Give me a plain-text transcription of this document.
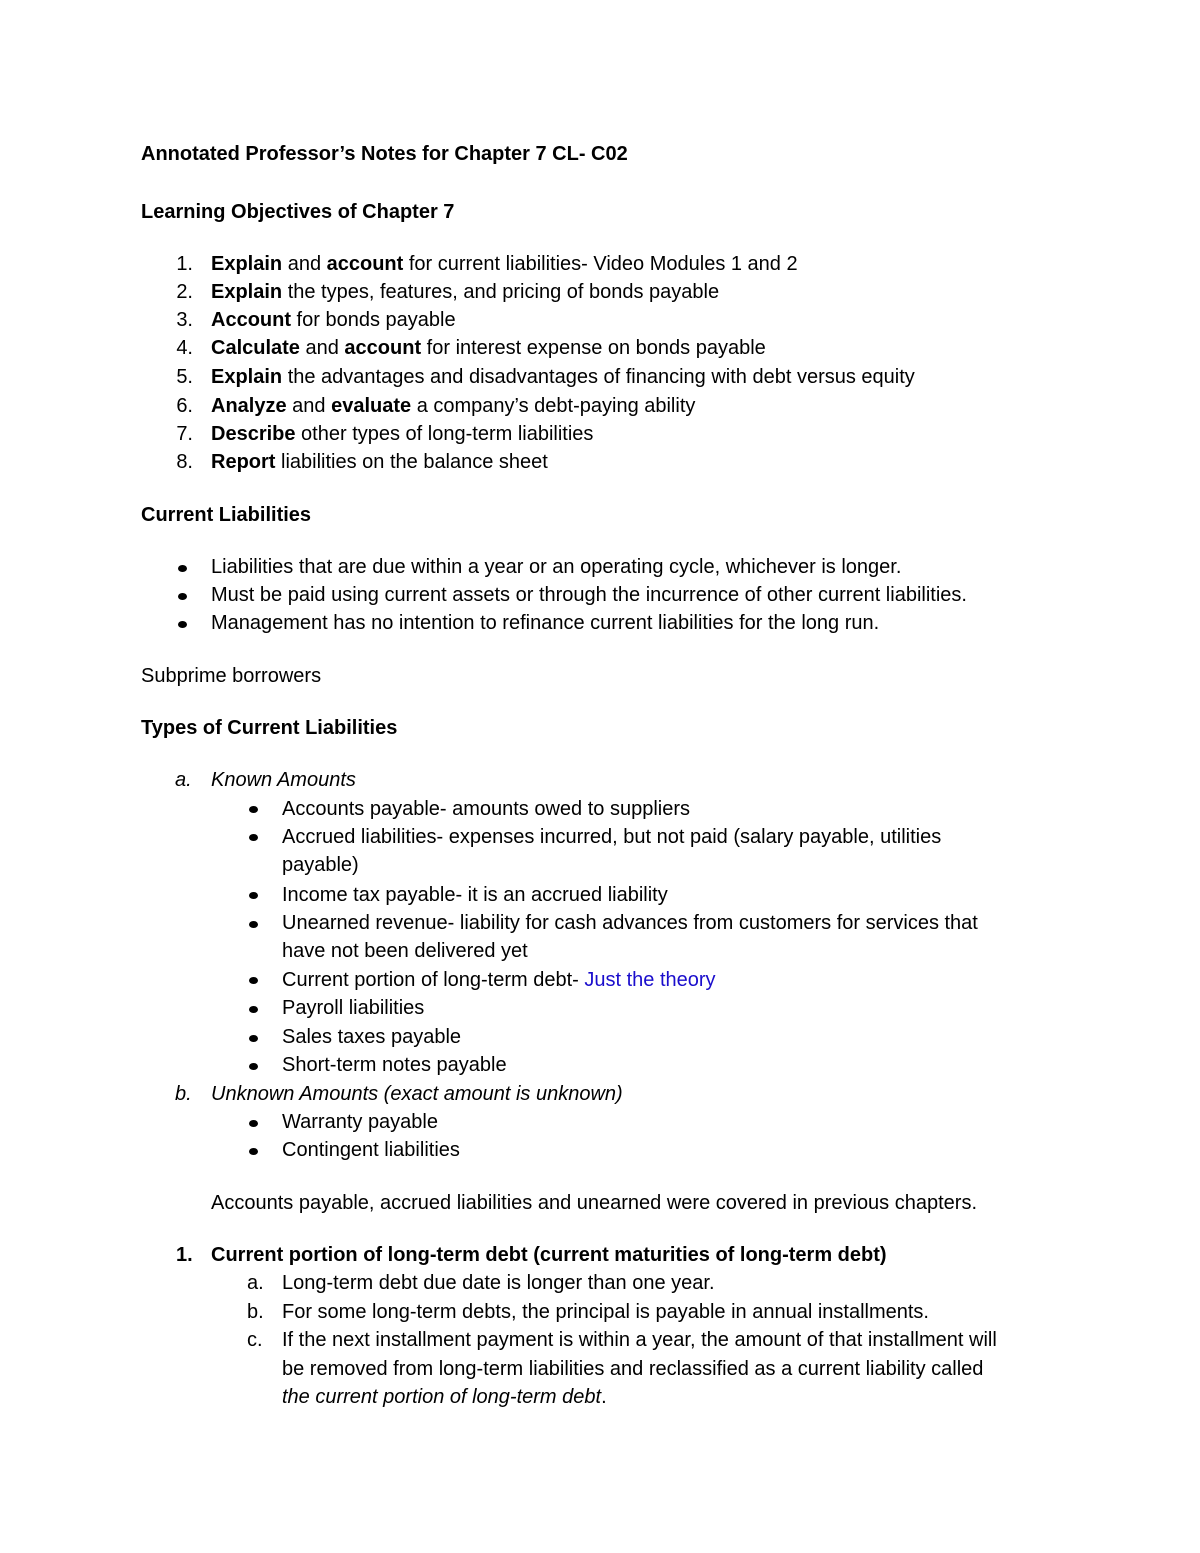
Annotated Professor’s Notes for Chapter 7 CL- C02
Learning Objectives of Chapter 7
1. Explain and account for current liabilities- Video Modules 1 and 2
2. Explain the types, features, and pricing of bonds payable
3. Account for bonds payable
4. Calculate and account for interest expense on bonds payable
5. Explain the advantages and disadvantages of financing with debt versus equity
6. Analyze and evaluate a company’s debt-paying ability
7. Describe other types of long-term liabilities
8. Report liabilities on the balance sheet
Current Liabilities
Liabilities that are due within a year or an operating cycle, whichever is longer.
Must be paid using current assets or through the incurrence of other current liabilities.
Management has no intention to refinance current liabilities for the long run.
Subprime borrowers
Types of Current Liabilities
a. Known Amounts
Accounts payable- amounts owed to suppliers
Accrued liabilities- expenses incurred, but not paid (salary payable, utilities
payable)
Income tax payable- it is an accrued liability
Unearned revenue- liability for cash advances from customers for services that
have not been delivered yet
Current portion of long-term debt- Just the theory
Payroll liabilities
Sales taxes payable
Short-term notes payable
b. Unknown Amounts (exact amount is unknown)
Warranty payable
Contingent liabilities
Accounts payable, accrued liabilities and unearned were covered in previous chapters.
1. Current portion of long-term debt (current maturities of long-term debt)
a. Long-term debt due date is longer than one year.
b. For some long-term debts, the principal is payable in annual installments.
c. If the next installment payment is within a year, the amount of that installment will
be removed from long-term liabilities and reclassified as a current liability called
the current portion of long-term debt.
